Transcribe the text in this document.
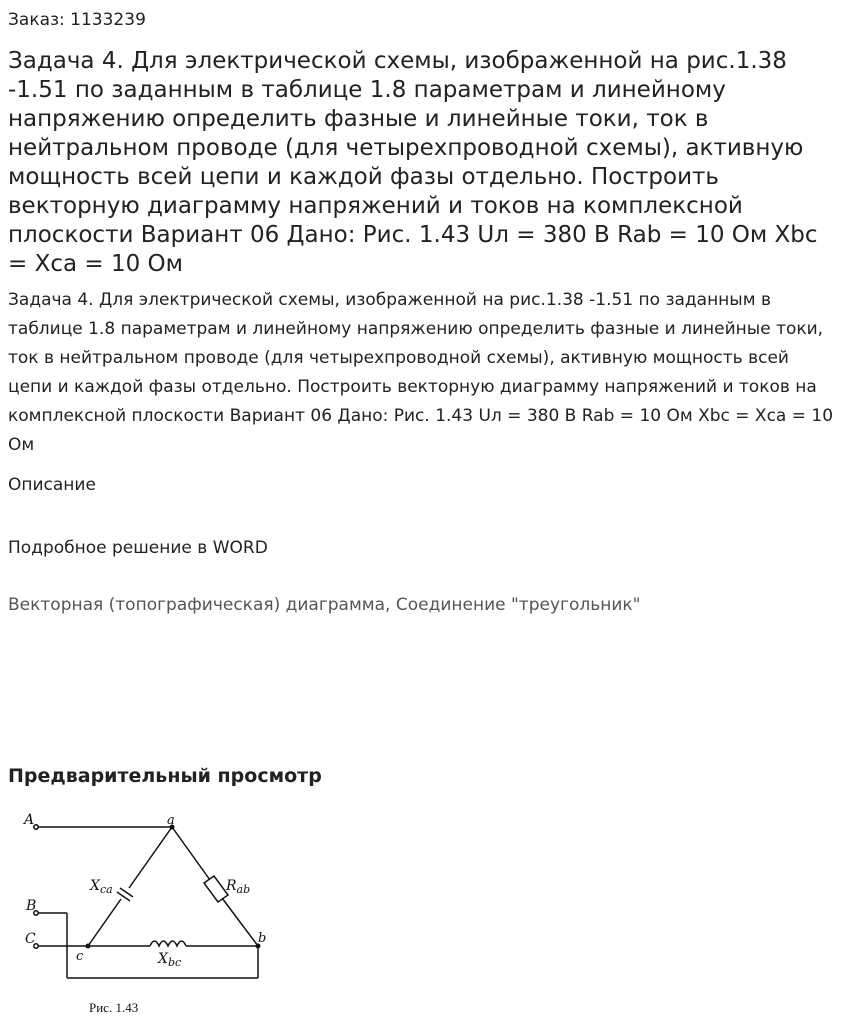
Заказ: 1133239

Задача 4. Для электрической схемы, изображенной на рис.1.38 -1.51 по заданным в таблице 1.8 параметрам и линейному напряжению определить фазные и линейные токи, ток в нейтральном проводе (для четырехпроводной схемы), активную мощность всей цепи и каждой фазы отдельно. Построить векторную диаграмму напряжений и токов на комплексной плоскости Вариант 06 Дано: Рис. 1.43 Uл = 380 В Rab = 10 Ом Xbc = Xca = 10 Ом

Задача 4. Для электрической схемы, изображенной на рис.1.38 -1.51 по заданным в таблице 1.8 параметрам и линейному напряжению определить фазные и линейные токи, ток в нейтральном проводе (для четырехпроводной схемы), активную мощность всей цепи и каждой фазы отдельно. Построить векторную диаграмму напряжений и токов на комплексной плоскости Вариант 06 Дано: Рис. 1.43 Uл = 380 В Rab = 10 Ом Xbc = Xca = 10 Ом

Описание

Подробное решение в WORD

Векторная (топографическая) диаграмма, Соединение "треугольник"

Предварительный просмотр
A
B
C
a
b
c
$X_{ca}$	$R_{ab}$
$X_{bc}$
Рис. 1.43
